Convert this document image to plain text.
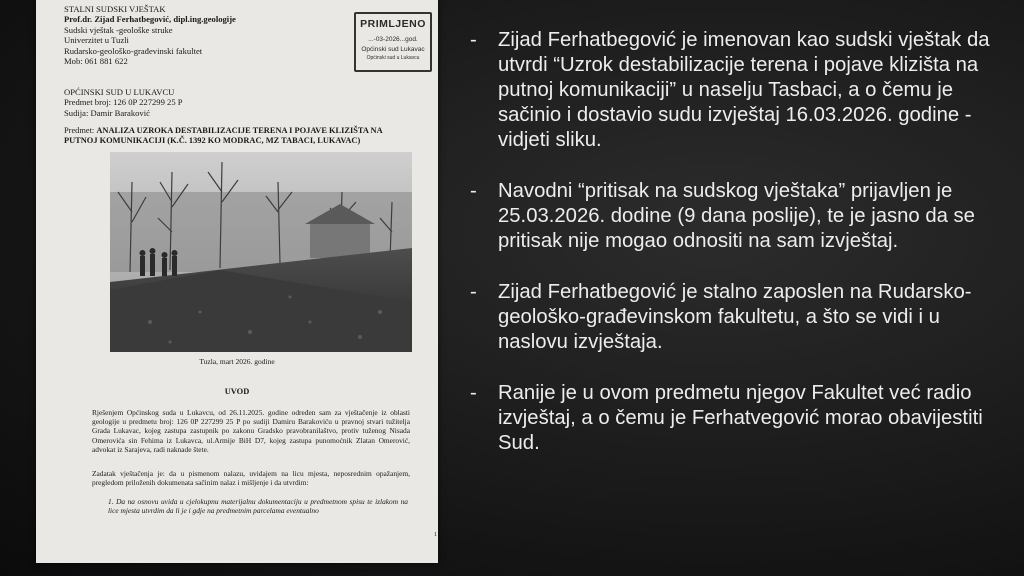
STALNI SUDSKI VJEŠTAK
Prof.dr. Zijad Ferhatbegović, dipl.ing.geologije
Sudski vještak -geološke struke
Univerzitet u Tuzli
Rudarsko-geološko-građevinski fakultet
Mob: 061 881 622
PRIMLJENO
...-03-2026...god.
Općinski sud Lukavac
Općinski sud u Lukavcu
OPĆINSKI SUD U LUKAVCU
Predmet broj: 126 0P 227299 25 P
Sudija: Damir Baraković
Predmet: ANALIZA UZROKA DESTABILIZACIJE TERENA I POJAVE KLIZIŠTA NA PUTNOJ KOMUNIKACIJI (K.Č. 1392 KO MODRAC, MZ TABACI, LUKAVAC)
Tuzla, mart 2026. godine
UVOD
Rješenjem Općinskog suda u Lukavcu, od 26.11.2025. godine određen sam za vještačenje iz oblasti geologije u predmetu broj: 126 0P 227299 25 P po sudiji Damiru Barakoviću u pravnoj stvari tužitelja Grada Lukavac, kojeg zastupa zastupnik po zakonu Gradsko pravobranilaštvo, protiv tuženog Nisada Omerovića sin Fehima iz Lukavca, ul.Armije BiH D7, kojeg zastupa punomoćnik Zlatan Omerović, advokat iz Sarajeva, radi naknade štete.
Zadatak vještačenja je: da u pismenom nalazu, uvidajem na licu mjesta, neposrednim opažanjem, pregledom priloženih dokumenata sačinim nalaz i mišljenje i da utvrdim:
1. Da na osnovu uvida u cjelokupnu materijalnu dokumentaciju u predmetnom spisu te izlakom na lice mjesta utvrdim da li je i gdje na predmetnim parcelama eventualno
1
- Zijad Ferhatbegović je imenovan kao sudski vještak da utvrdi “Uzrok destabilizacije terena i pojave klizišta na putnoj komunikaciji” u naselju Tasbaci, a o čemu je sačinio i dostavio sudu izvještaj 16.03.2026. godine - vidjeti sliku.
- Navodni “pritisak na sudskog vještaka” prijavljen je 25.03.2026. dodine (9 dana poslije), te je jasno da se pritisak nije mogao odnositi na sam izvještaj.
- Zijad Ferhatbegović je stalno zaposlen na Rudarsko-geološko-građevinskom fakultetu, a što se vidi i u naslovu izvještaja.
- Ranije je u ovom predmetu njegov Fakultet već radio izvještaj, a o čemu je Ferhatvegović morao obavijestiti Sud.
